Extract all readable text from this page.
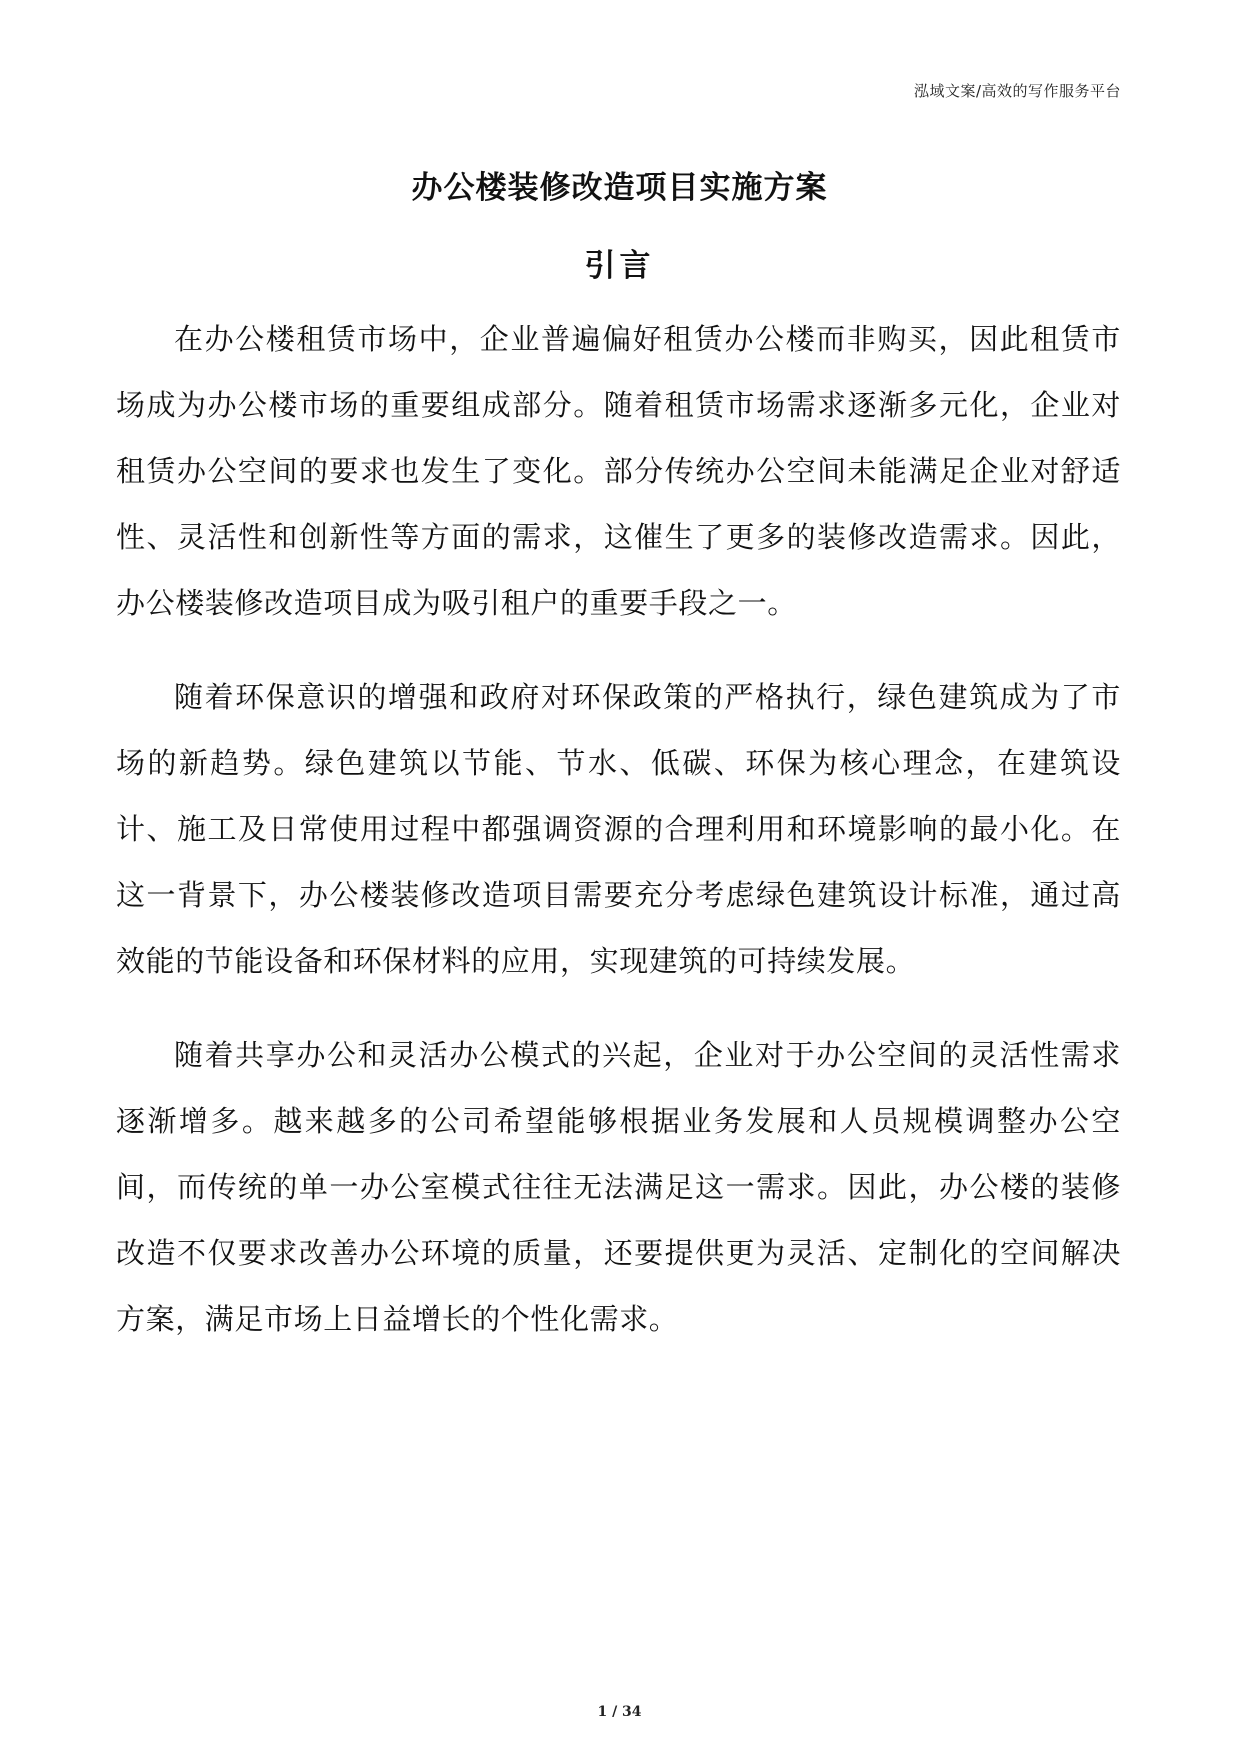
泓域文案/高效的写作服务平台
办公楼装修改造项目实施方案
引言

在办公楼租赁市场中，企业普遍偏好租赁办公楼而非购买，因此租赁市场成为办公楼市场的重要组成部分。随着租赁市场需求逐渐多元化，企业对租赁办公空间的要求也发生了变化。部分传统办公空间未能满足企业对舒适性、灵活性和创新性等方面的需求，这催生了更多的装修改造需求。因此，办公楼装修改造项目成为吸引租户的重要手段之一。

随着环保意识的增强和政府对环保政策的严格执行，绿色建筑成为了市场的新趋势。绿色建筑以节能、节水、低碳、环保为核心理念，在建筑设计、施工及日常使用过程中都强调资源的合理利用和环境影响的最小化。在这一背景下，办公楼装修改造项目需要充分考虑绿色建筑设计标准，通过高效能的节能设备和环保材料的应用，实现建筑的可持续发展。

随着共享办公和灵活办公模式的兴起，企业对于办公空间的灵活性需求逐渐增多。越来越多的公司希望能够根据业务发展和人员规模调整办公空间，而传统的单一办公室模式往往无法满足这一需求。因此，办公楼的装修改造不仅要求改善办公环境的质量，还要提供更为灵活、定制化的空间解决方案，满足市场上日益增长的个性化需求。

1 / 34
